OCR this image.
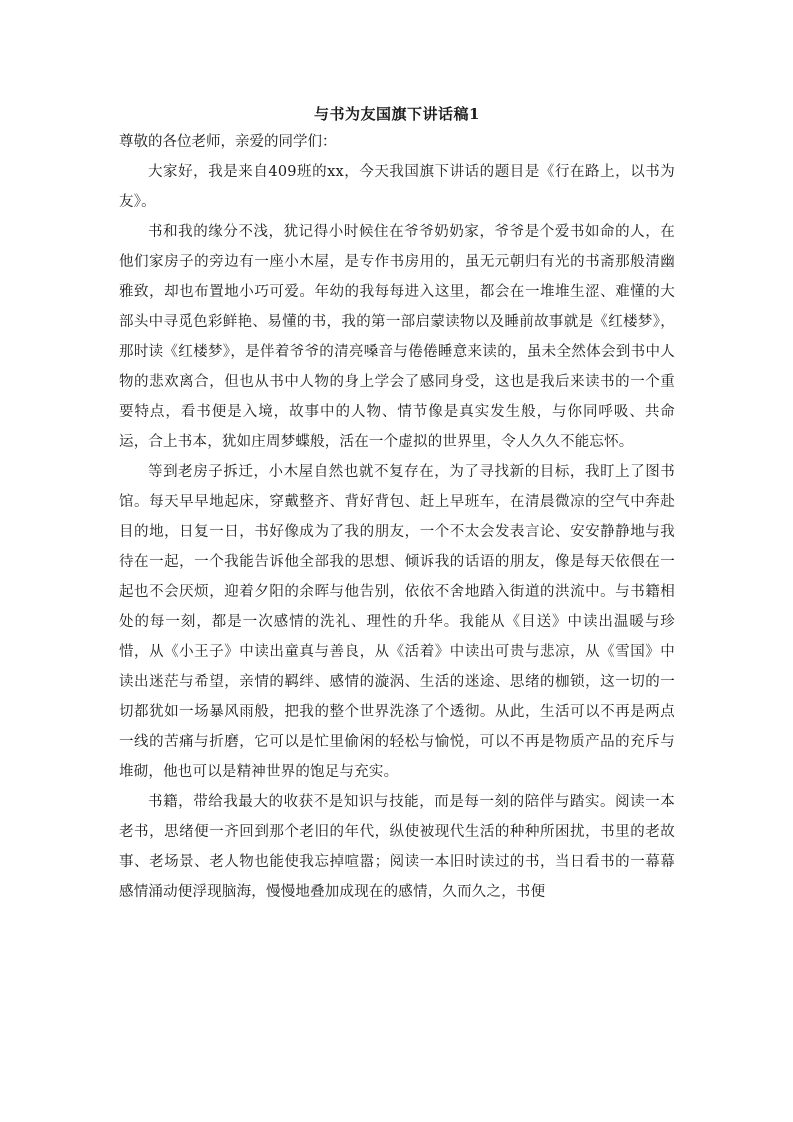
与书为友国旗下讲话稿1

尊敬的各位老师，亲爱的同学们：

大家好，我是来自409班的xx，今天我国旗下讲话的题目是《行在路上，以书为友》。

书和我的缘分不浅，犹记得小时候住在爷爷奶奶家，爷爷是个爱书如命的人，在他们家房子的旁边有一座小木屋，是专作书房用的，虽无元朝归有光的书斋那般清幽雅致，却也布置地小巧可爱。年幼的我每每进入这里，都会在一堆堆生涩、难懂的大部头中寻觅色彩鲜艳、易懂的书，我的第一部启蒙读物以及睡前故事就是《红楼梦》，那时读《红楼梦》，是伴着爷爷的清亮嗓音与倦倦睡意来读的，虽未全然体会到书中人物的悲欢离合，但也从书中人物的身上学会了感同身受，这也是我后来读书的一个重要特点，看书便是入境，故事中的人物、情节像是真实发生般，与你同呼吸、共命运，合上书本，犹如庄周梦蝶般，活在一个虚拟的世界里，令人久久不能忘怀。

等到老房子拆迁，小木屋自然也就不复存在，为了寻找新的目标，我盯上了图书馆。每天早早地起床，穿戴整齐、背好背包、赶上早班车，在清晨微凉的空气中奔赴目的地，日复一日，书好像成为了我的朋友，一个不太会发表言论、安安静静地与我待在一起，一个我能告诉他全部我的思想、倾诉我的话语的朋友，像是每天依偎在一起也不会厌烦，迎着夕阳的余晖与他告别，依依不舍地踏入街道的洪流中。与书籍相处的每一刻，都是一次感情的洗礼、理性的升华。我能从《目送》中读出温暖与珍惜，从《小王子》中读出童真与善良，从《活着》中读出可贵与悲凉，从《雪国》中读出迷茫与希望，亲情的羁绊、感情的漩涡、生活的迷途、思绪的枷锁，这一切的一切都犹如一场暴风雨般，把我的整个世界洗涤了个透彻。从此，生活可以不再是两点一线的苦痛与折磨，它可以是忙里偷闲的轻松与愉悦，可以不再是物质产品的充斥与堆砌，他也可以是精神世界的饱足与充实。

书籍，带给我最大的收获不是知识与技能，而是每一刻的陪伴与踏实。阅读一本老书，思绪便一齐回到那个老旧的年代，纵使被现代生活的种种所困扰，书里的老故事、老场景、老人物也能使我忘掉喧嚣；阅读一本旧时读过的书，当日看书的一幕幕感情涌动便浮现脑海，慢慢地叠加成现在的感情，久而久之，书便
